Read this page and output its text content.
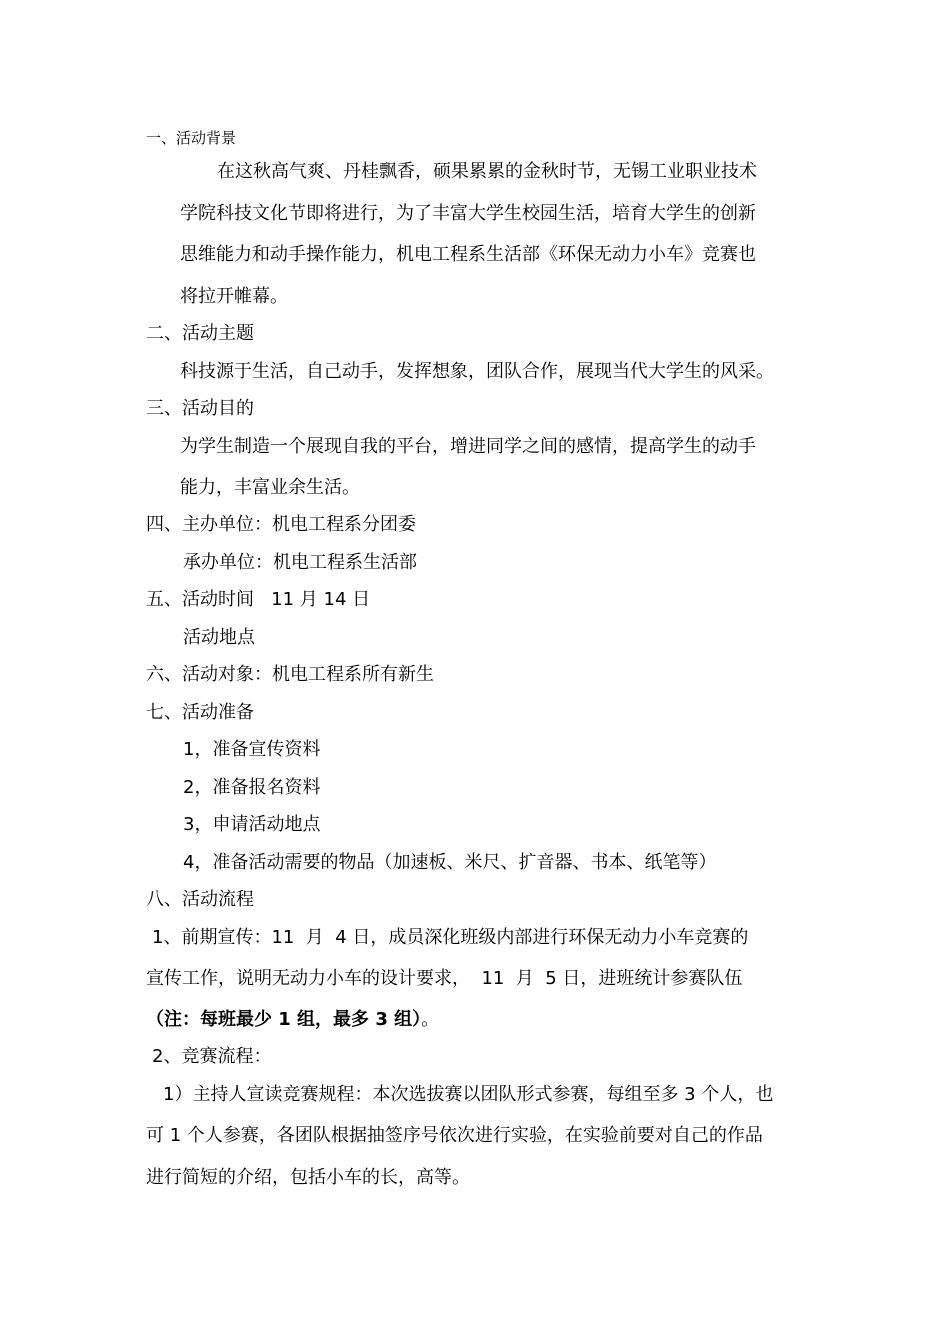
一、活动背景
在这秋高气爽、丹桂飘香，硕果累累的金秋时节，无锡工业职业技术
学院科技文化节即将进行，为了丰富大学生校园生活，培育大学生的创新
思维能力和动手操作能力，机电工程系生活部《环保无动力小车》竞赛也
将拉开帷幕。
二、活动主题
科技源于生活，自己动手，发挥想象，团队合作，展现当代大学生的风采。
三、活动目的
为学生制造一个展现自我的平台，增进同学之间的感情，提高学生的动手
能力，丰富业余生活。
四、主办单位：机电工程系分团委
承办单位：机电工程系生活部
五、活动时间   11 月 14 日
活动地点
六、活动对象：机电工程系所有新生
七、活动准备
1，准备宣传资料
2，准备报名资料
3，申请活动地点
4，准备活动需要的物品（加速板、米尺、扩音器、书本、纸笔等）
八、活动流程
1、前期宣传：11  月  4 日，成员深化班级内部进行环保无动力小车竞赛的
宣传工作，说明无动力小车的设计要求，  11  月  5 日，进班统计参赛队伍
（注：每班最少 1 组，最多 3 组）。
2、竞赛流程：
1）主持人宣读竞赛规程：本次选拔赛以团队形式参赛，每组至多 3 个人，也
可 1 个人参赛，各团队根据抽签序号依次进行实验，在实验前要对自己的作品
进行简短的介绍，包括小车的长，高等。
